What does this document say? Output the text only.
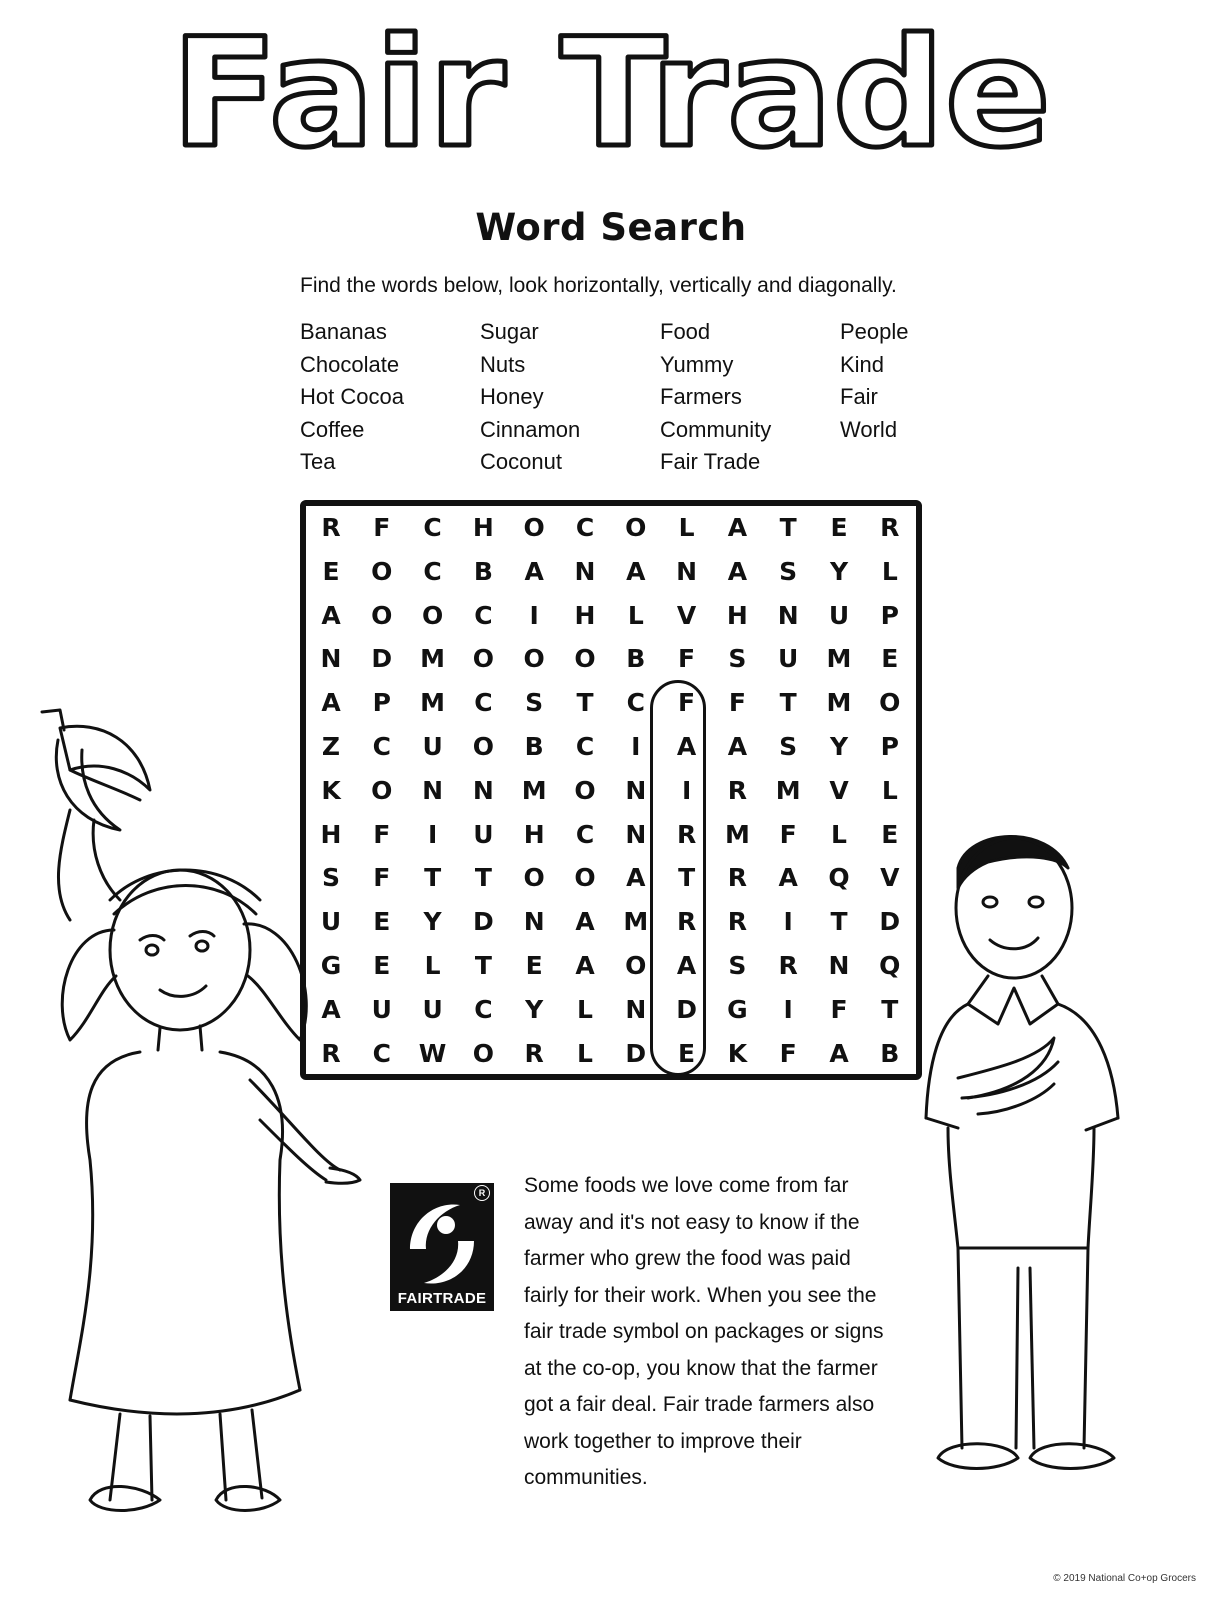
Fair Trade
Word Search
Find the words below, look horizontally, vertically and diagonally.
Bananas
Chocolate
Hot Cocoa
Coffee
Tea
Sugar
Nuts
Honey
Cinnamon
Coconut
Food
Yummy
Farmers
Community
Fair Trade
People
Kind
Fair
World
R	F	C	H	O	C	O	L	A	T	E	R
E	O	C	B	A	N	A	N	A	S	Y	L
A	O	O	C	I	H	L	V	H	N	U	P
N	D	M	O	O	O	B	F	S	U	M	E
A	P	M	C	S	T	C	F	F	T	M	O
Z	C	U	O	B	C	I	A	A	S	Y	P
K	O	N	N	M	O	N	I	R	M	V	L
H	F	I	U	H	C	N	R	M	F	L	E
S	F	T	T	O	O	A	T	R	A	Q	V
U	E	Y	D	N	A	M	R	R	I	T	D
G	E	L	T	E	A	O	A	S	R	N	Q
A	U	U	C	Y	L	N	D	G	I	F	T
R	C	W	O	R	L	D	E	K	F	A	B
R
FAIRTRADE
Some foods we love come from far
away and it's not easy to know if the
farmer who grew the food was paid
fairly for their work. When you see the
fair trade symbol on packages or signs
at the co-op, you know that the farmer
got a fair deal. Fair trade farmers also
work together to improve their
communities.
© 2019 National Co+op Grocers
